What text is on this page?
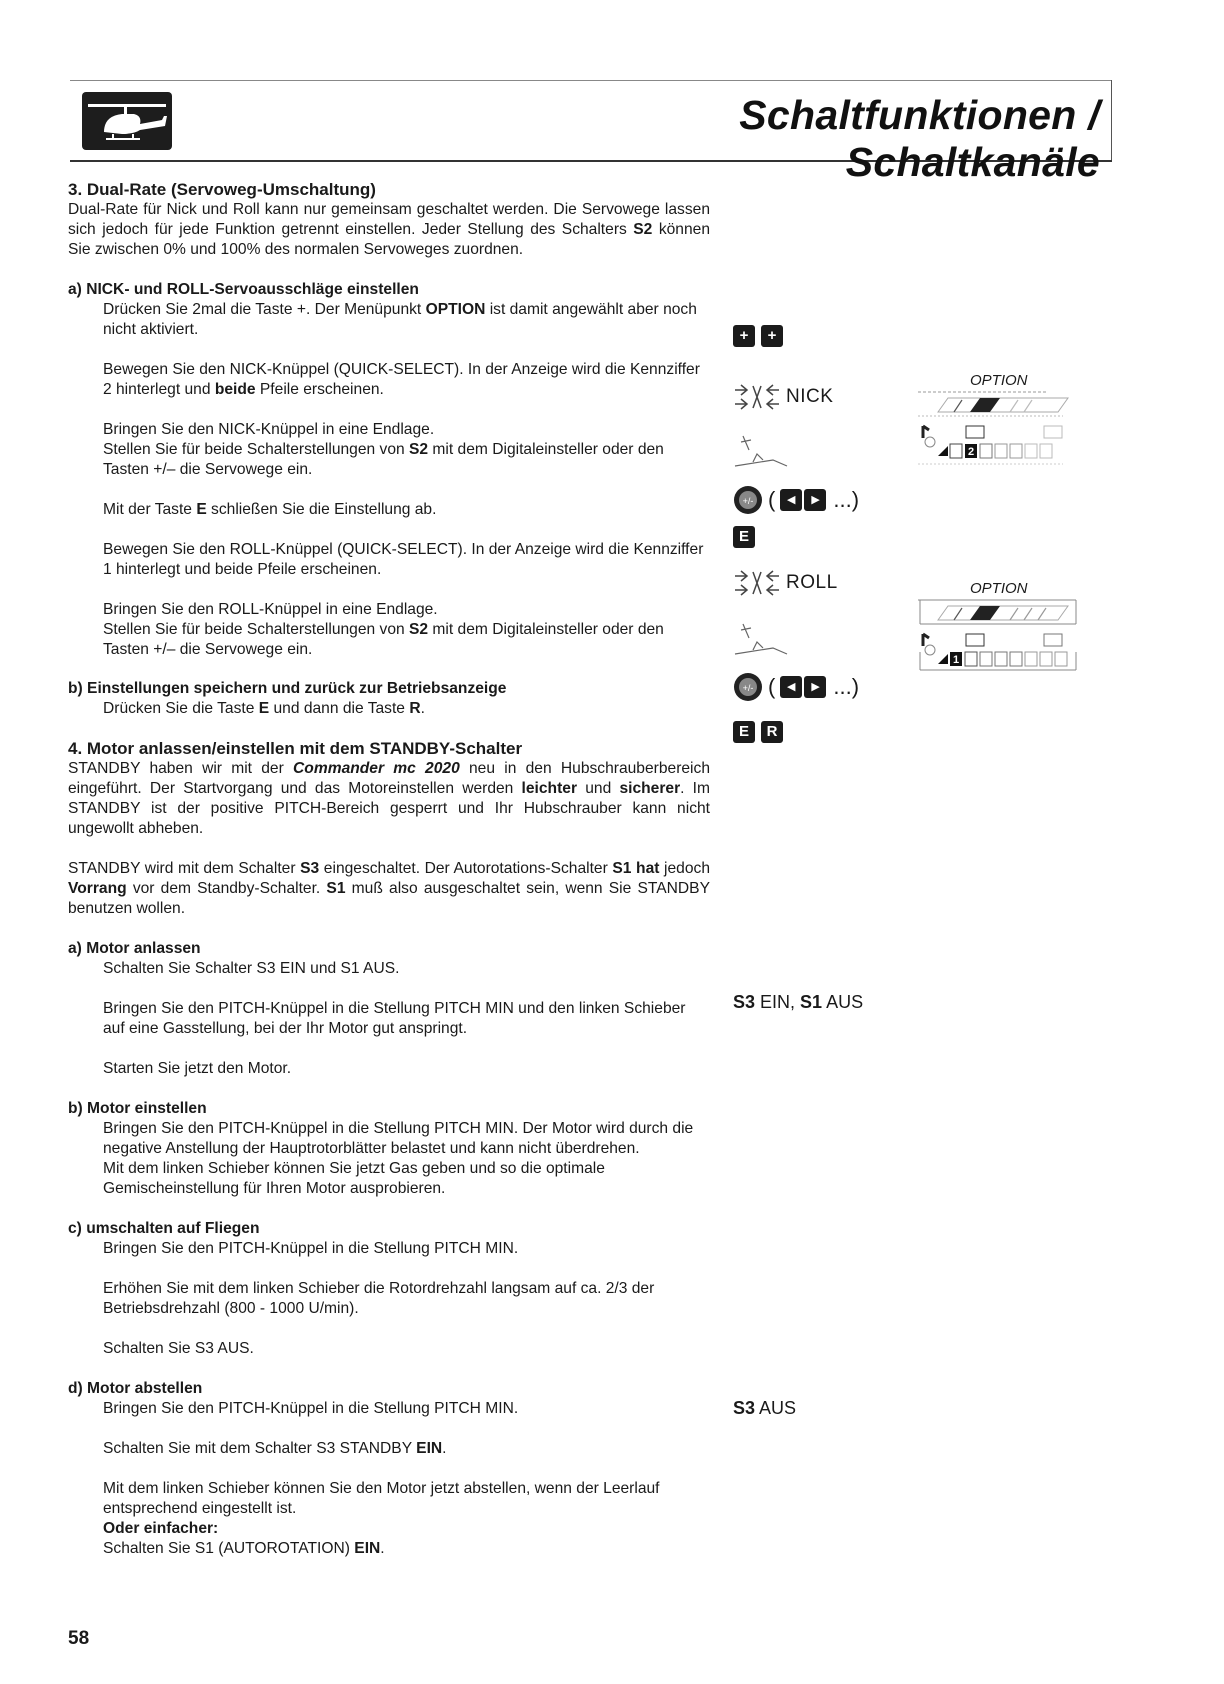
Schaltfunktionen / Schaltkanäle

3. Dual-Rate (Servoweg-Umschaltung)

Dual-Rate für Nick und Roll kann nur gemeinsam geschaltet werden. Die Servowege lassen sich jedoch für jede Funktion getrennt einstellen. Jeder Stellung des Schalters S2 können Sie zwischen 0% und 100% des normalen Servoweges zuordnen.

a) NICK- und ROLL-Servoausschläge einstellen

Drücken Sie 2mal die Taste +. Der Menüpunkt OPTION ist damit angewählt aber noch nicht aktiviert.

Bewegen Sie den NICK-Knüppel (QUICK-SELECT). In der Anzeige wird die Kennziffer 2 hinterlegt und beide Pfeile erscheinen.

Bringen Sie den NICK-Knüppel in eine Endlage.

Stellen Sie für beide Schalterstellungen von S2 mit dem Digitaleinsteller oder den Tasten +/– die Servowege ein.

Mit der Taste E schließen Sie die Einstellung ab.

Bewegen Sie den ROLL-Knüppel (QUICK-SELECT). In der Anzeige wird die Kennziffer 1 hinterlegt und beide Pfeile erscheinen.

Bringen Sie den ROLL-Knüppel in eine Endlage.

Stellen Sie für beide Schalterstellungen von S2 mit dem Digitaleinsteller oder den Tasten +/– die Servowege ein.

b) Einstellungen speichern und zurück zur Betriebsanzeige

Drücken Sie die Taste E und dann die Taste R.

4. Motor anlassen/einstellen mit dem STANDBY-Schalter

STANDBY haben wir mit der Commander mc 2020 neu in den Hubschrauberbereich eingeführt. Der Startvorgang und das Motoreinstellen werden leichter und sicherer. Im STANDBY ist der positive PITCH-Bereich gesperrt und Ihr Hubschrauber kann nicht ungewollt abheben.

STANDBY wird mit dem Schalter S3 eingeschaltet. Der Autorotations-Schalter S1 hat jedoch Vorrang vor dem Standby-Schalter. S1 muß also ausgeschaltet sein, wenn Sie STANDBY benutzen wollen.

a) Motor anlassen

Schalten Sie Schalter S3 EIN und S1 AUS.

Bringen Sie den PITCH-Knüppel in die Stellung PITCH MIN und den linken Schieber auf eine Gasstellung, bei der Ihr Motor gut anspringt.

Starten Sie jetzt den Motor.

b) Motor einstellen

Bringen Sie den PITCH-Knüppel in die Stellung PITCH MIN. Der Motor wird durch die negative Anstellung der Hauptrotorblätter belastet und kann nicht überdrehen.

Mit dem linken Schieber können Sie jetzt Gas geben und so die optimale Gemischeinstellung für Ihren Motor ausprobieren.

c) umschalten auf Fliegen

Bringen Sie den PITCH-Knüppel in die Stellung PITCH MIN.

Erhöhen Sie mit dem linken Schieber die Rotordrehzahl langsam auf ca. 2/3 der Betriebsdrehzahl (800 - 1000 U/min).

Schalten Sie S3 AUS.

d) Motor abstellen

Bringen Sie den PITCH-Knüppel in die Stellung PITCH MIN.

Schalten Sie mit dem Schalter S3 STANDBY EIN.

Mit dem linken Schieber können Sie den Motor jetzt abstellen, wenn der Leerlauf entsprechend eingestellt ist.

Oder einfacher:

Schalten Sie S1 (AUTOROTATION) EIN.

+ +
NICK
+/- ( ◂ ▸ ...)
E
ROLL
+/- ( ◂ ▸ ...)
E R
OPTION
2
OPTION
1
S3 EIN, S1 AUS
S3 AUS
58
